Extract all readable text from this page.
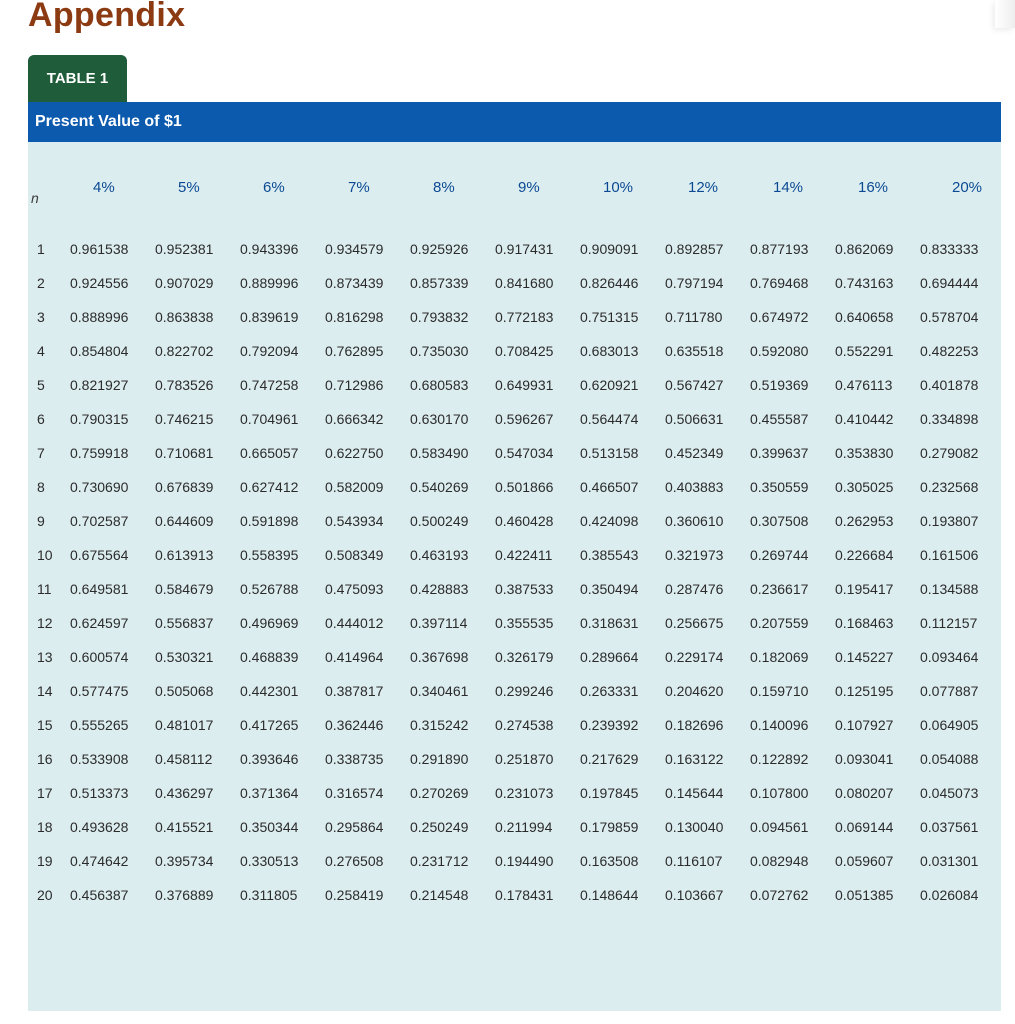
Appendix
TABLE 1
Present Value of $1
n	4%	5%	6%	7%	8%	9%	10%	12%	14%	16%	20%
1	0.961538	0.952381	0.943396	0.934579	0.925926	0.917431	0.909091	0.892857	0.877193	0.862069	0.833333
2	0.924556	0.907029	0.889996	0.873439	0.857339	0.841680	0.826446	0.797194	0.769468	0.743163	0.694444
3	0.888996	0.863838	0.839619	0.816298	0.793832	0.772183	0.751315	0.711780	0.674972	0.640658	0.578704
4	0.854804	0.822702	0.792094	0.762895	0.735030	0.708425	0.683013	0.635518	0.592080	0.552291	0.482253
5	0.821927	0.783526	0.747258	0.712986	0.680583	0.649931	0.620921	0.567427	0.519369	0.476113	0.401878
6	0.790315	0.746215	0.704961	0.666342	0.630170	0.596267	0.564474	0.506631	0.455587	0.410442	0.334898
7	0.759918	0.710681	0.665057	0.622750	0.583490	0.547034	0.513158	0.452349	0.399637	0.353830	0.279082
8	0.730690	0.676839	0.627412	0.582009	0.540269	0.501866	0.466507	0.403883	0.350559	0.305025	0.232568
9	0.702587	0.644609	0.591898	0.543934	0.500249	0.460428	0.424098	0.360610	0.307508	0.262953	0.193807
10	0.675564	0.613913	0.558395	0.508349	0.463193	0.422411	0.385543	0.321973	0.269744	0.226684	0.161506
11	0.649581	0.584679	0.526788	0.475093	0.428883	0.387533	0.350494	0.287476	0.236617	0.195417	0.134588
12	0.624597	0.556837	0.496969	0.444012	0.397114	0.355535	0.318631	0.256675	0.207559	0.168463	0.112157
13	0.600574	0.530321	0.468839	0.414964	0.367698	0.326179	0.289664	0.229174	0.182069	0.145227	0.093464
14	0.577475	0.505068	0.442301	0.387817	0.340461	0.299246	0.263331	0.204620	0.159710	0.125195	0.077887
15	0.555265	0.481017	0.417265	0.362446	0.315242	0.274538	0.239392	0.182696	0.140096	0.107927	0.064905
16	0.533908	0.458112	0.393646	0.338735	0.291890	0.251870	0.217629	0.163122	0.122892	0.093041	0.054088
17	0.513373	0.436297	0.371364	0.316574	0.270269	0.231073	0.197845	0.145644	0.107800	0.080207	0.045073
18	0.493628	0.415521	0.350344	0.295864	0.250249	0.211994	0.179859	0.130040	0.094561	0.069144	0.037561
19	0.474642	0.395734	0.330513	0.276508	0.231712	0.194490	0.163508	0.116107	0.082948	0.059607	0.031301
20	0.456387	0.376889	0.311805	0.258419	0.214548	0.178431	0.148644	0.103667	0.072762	0.051385	0.026084
